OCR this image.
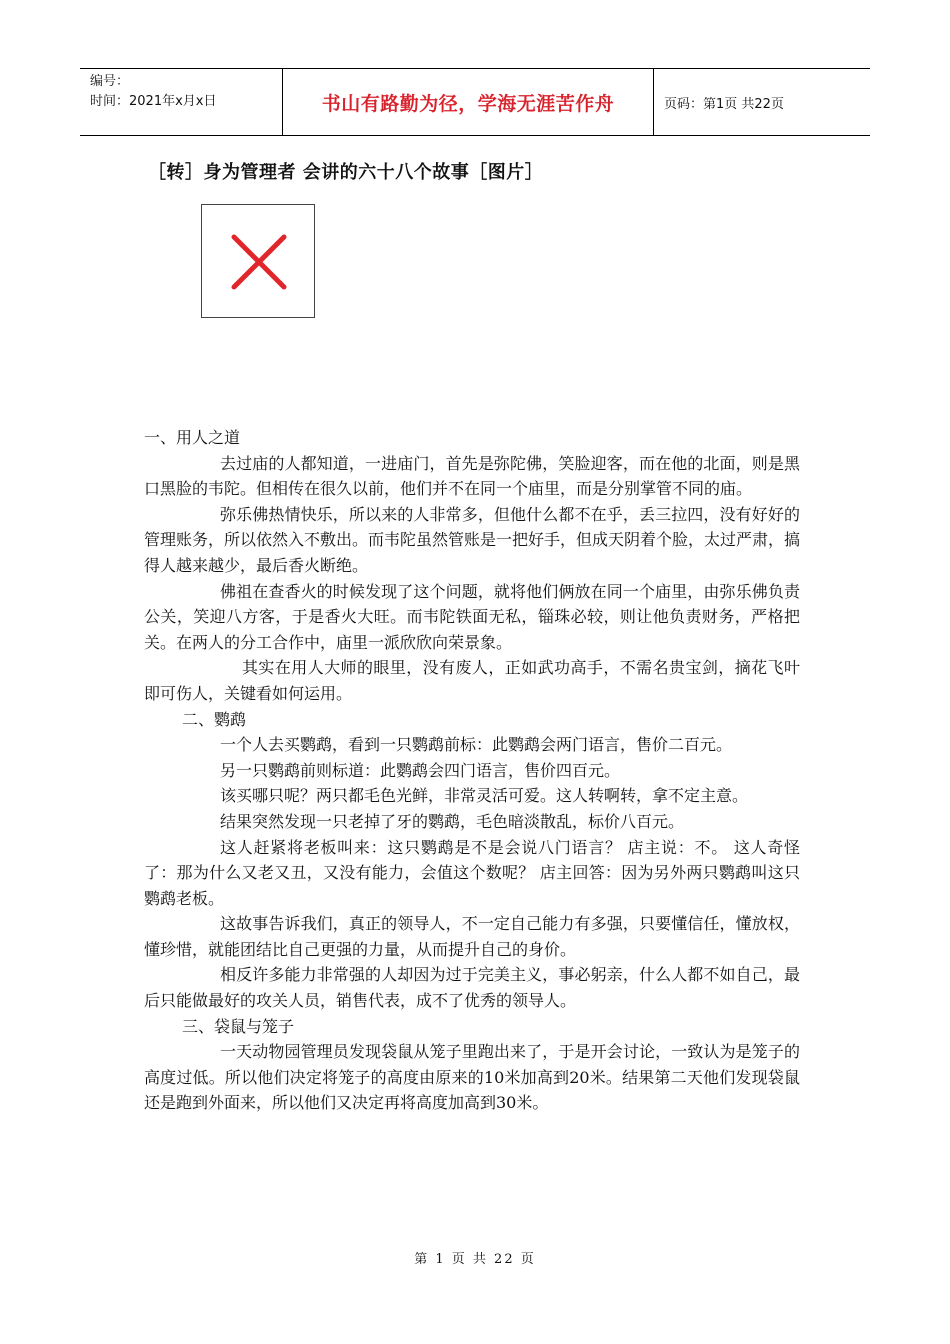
编号：
时间：2021年x月x日	书山有路勤为径，学海无涯苦作舟	页码：第1页 共22页
［转］身为管理者 会讲的六十八个故事［图片］

一、用人之道

去过庙的人都知道，一进庙门，首先是弥陀佛，笑脸迎客，而在他的北面，则是黑口黑脸的韦陀。但相传在很久以前，他们并不在同一个庙里，而是分别掌管不同的庙。

弥乐佛热情快乐，所以来的人非常多，但他什么都不在乎，丢三拉四，没有好好的管理账务，所以依然入不敷出。而韦陀虽然管账是一把好手，但成天阴着个脸，太过严肃，搞得人越来越少，最后香火断绝。

佛祖在查香火的时候发现了这个问题，就将他们俩放在同一个庙里，由弥乐佛负责公关，笑迎八方客，于是香火大旺。而韦陀铁面无私，锱珠必较，则让他负责财务，严格把关。在两人的分工合作中，庙里一派欣欣向荣景象。

其实在用人大师的眼里，没有废人，正如武功高手，不需名贵宝剑，摘花飞叶即可伤人，关键看如何运用。

二、鹦鹉

一个人去买鹦鹉，看到一只鹦鹉前标：此鹦鹉会两门语言，售价二百元。

另一只鹦鹉前则标道：此鹦鹉会四门语言，售价四百元。

该买哪只呢？两只都毛色光鲜，非常灵活可爱。这人转啊转，拿不定主意。

结果突然发现一只老掉了牙的鹦鹉，毛色暗淡散乱，标价八百元。

这人赶紧将老板叫来：这只鹦鹉是不是会说八门语言？ 店主说：不。 这人奇怪了：那为什么又老又丑，又没有能力，会值这个数呢？ 店主回答：因为另外两只鹦鹉叫这只鹦鹉老板。

这故事告诉我们，真正的领导人，不一定自己能力有多强，只要懂信任，懂放权，懂珍惜，就能团结比自己更强的力量，从而提升自己的身价。

相反许多能力非常强的人却因为过于完美主义，事必躬亲，什么人都不如自己，最后只能做最好的攻关人员，销售代表，成不了优秀的领导人。

三、袋鼠与笼子

一天动物园管理员发现袋鼠从笼子里跑出来了，于是开会讨论，一致认为是笼子的高度过低。所以他们决定将笼子的高度由原来的10米加高到20米。结果第二天他们发现袋鼠还是跑到外面来，所以他们又决定再将高度加高到30米。

第 1 页 共 22 页
